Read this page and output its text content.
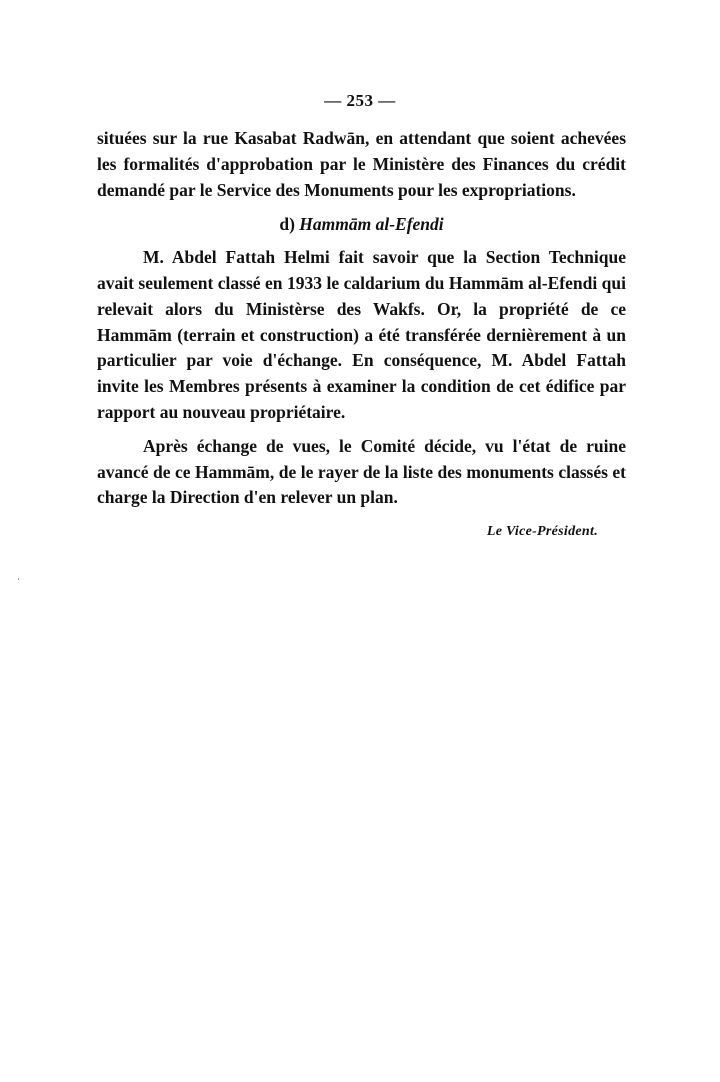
— 253 —

situées sur la rue Kasabat Radwān, en attendant que soient achevées les formalités d'approbation par le Ministère des Finances du crédit demandé par le Service des Monuments pour les expropriations.

d) Hammām al-Efendi

M. Abdel Fattah Helmi fait savoir que la Section Technique avait seulement classé en 1933 le caldarium du Hammām al-Efendi qui relevait alors du Ministèrse des Wakfs. Or, la propriété de ce Hammām (terrain et construction) a été transférée dernièrement à un particulier par voie d'échange. En conséquence, M. Abdel Fattah invite les Membres présents à examiner la condition de cet édifice par rapport au nouveau propriétaire.

Après échange de vues, le Comité décide, vu l'état de ruine avancé de ce Hammām, de le rayer de la liste des monuments classés et charge la Direction d'en relever un plan.

Le Vice-Président.
